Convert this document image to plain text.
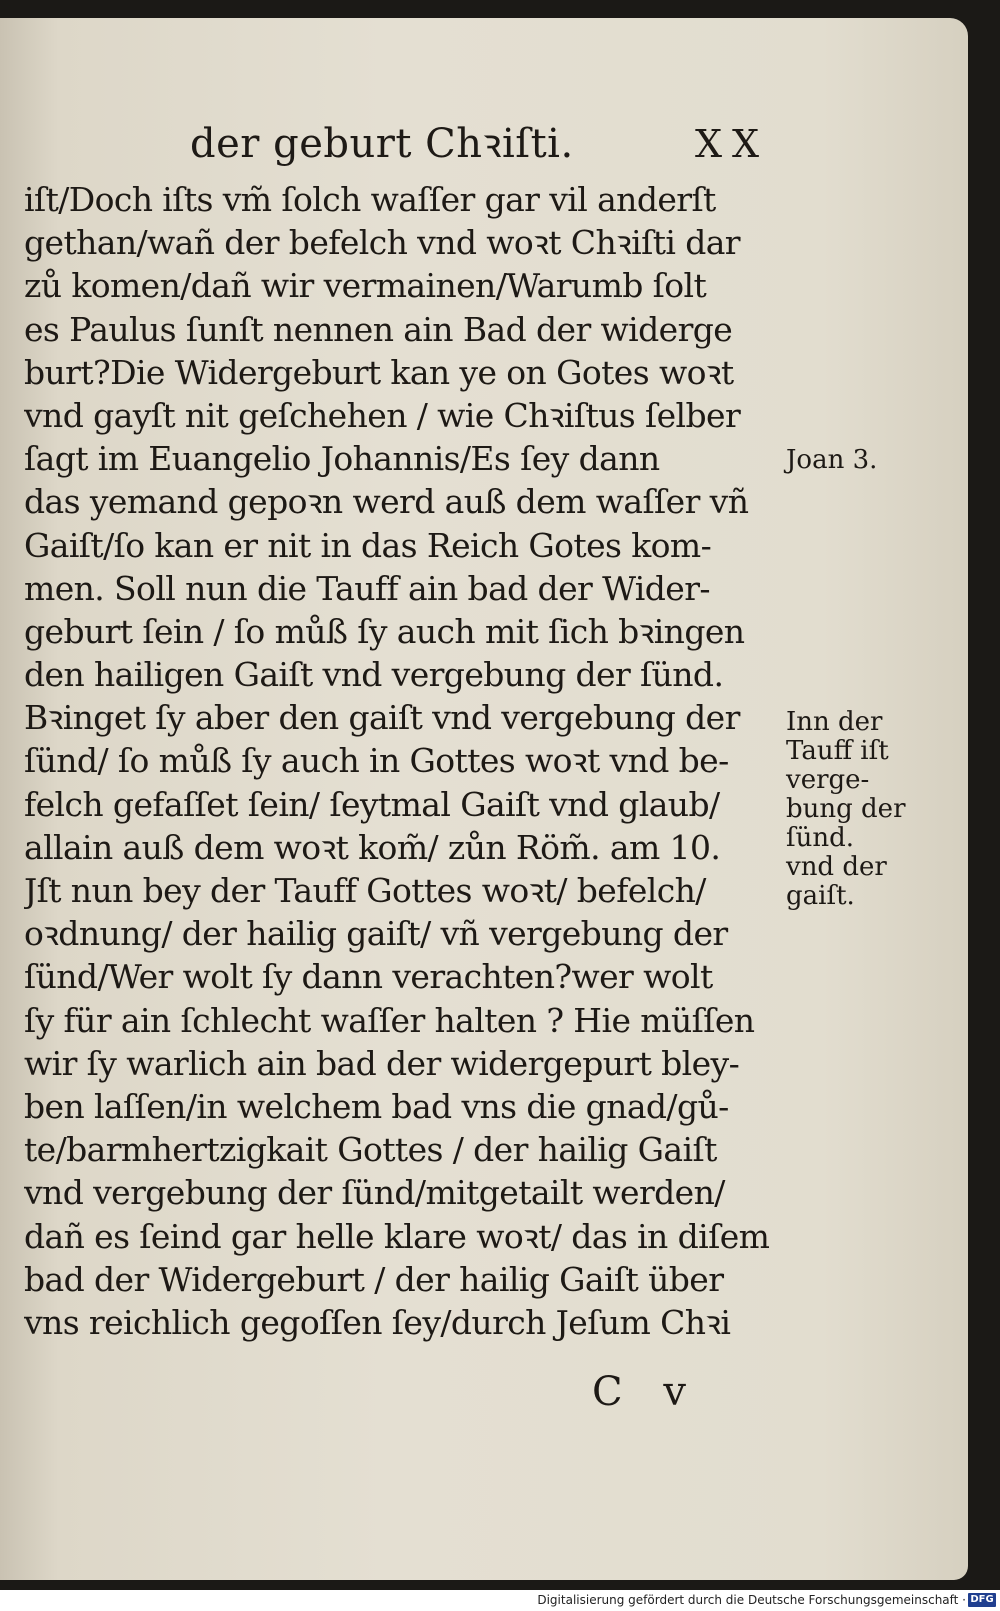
der geburt Chꝛiſti.	XX
iſt/Doch iſts vm̃ ſolch waſſer gar vil anderſt
gethan/wañ der befelch vnd woꝛt Chꝛiſti dar
zů komen/dañ wir vermainen/Warumb ſolt
es Paulus ſunſt nennen ain Bad der widerge
burt?Die Widergeburt kan ye on Gotes woꝛt
vnd gayſt nit geſchehen / wie Chꝛiſtus ſelber
ſagt im Euangelio Johannis/Es ſey dann
das yemand gepoꝛn werd auß dem waſſer vñ
Gaiſt/ſo kan er nit in das Reich Gotes kom-
men. Soll nun die Tauff ain bad der Wider-
geburt ſein / ſo můß ſy auch mit ſich bꝛingen
den hailigen Gaiſt vnd vergebung der ſünd.
Bꝛinget ſy aber den gaiſt vnd vergebung der
ſünd/ ſo můß ſy auch in Gottes woꝛt vnd be-
felch gefaſſet ſein/ ſeytmal Gaiſt vnd glaub/
allain auß dem woꝛt kom̃/ zůn Röm̃. am 10.
Jſt nun bey der Tauff Gottes woꝛt/ befelch/
oꝛdnung/ der hailig gaiſt/ vñ vergebung der
ſünd/Wer wolt ſy dann verachten?wer wolt
ſy für ain ſchlecht waſſer halten ? Hie müſſen
wir ſy warlich ain bad der widergepurt bley-
ben laſſen/in welchem bad vns die gnad/gů-
te/barmhertzigkait Gottes / der hailig Gaiſt
vnd vergebung der ſünd/mitgetailt werden/
dañ es ſeind gar helle klare woꝛt/ das in diſem
bad der Widergeburt / der hailig Gaiſt über
vns reichlich gegoſſen ſey/durch Jeſum Chꝛi
Joan 3.
Inn der
Tauff iſt
verge-
bung der
ſünd.
vnd der
gaiſt.
C v
Digitalisierung gefördert durch die Deutsche Forschungsgemeinschaft · DFG
